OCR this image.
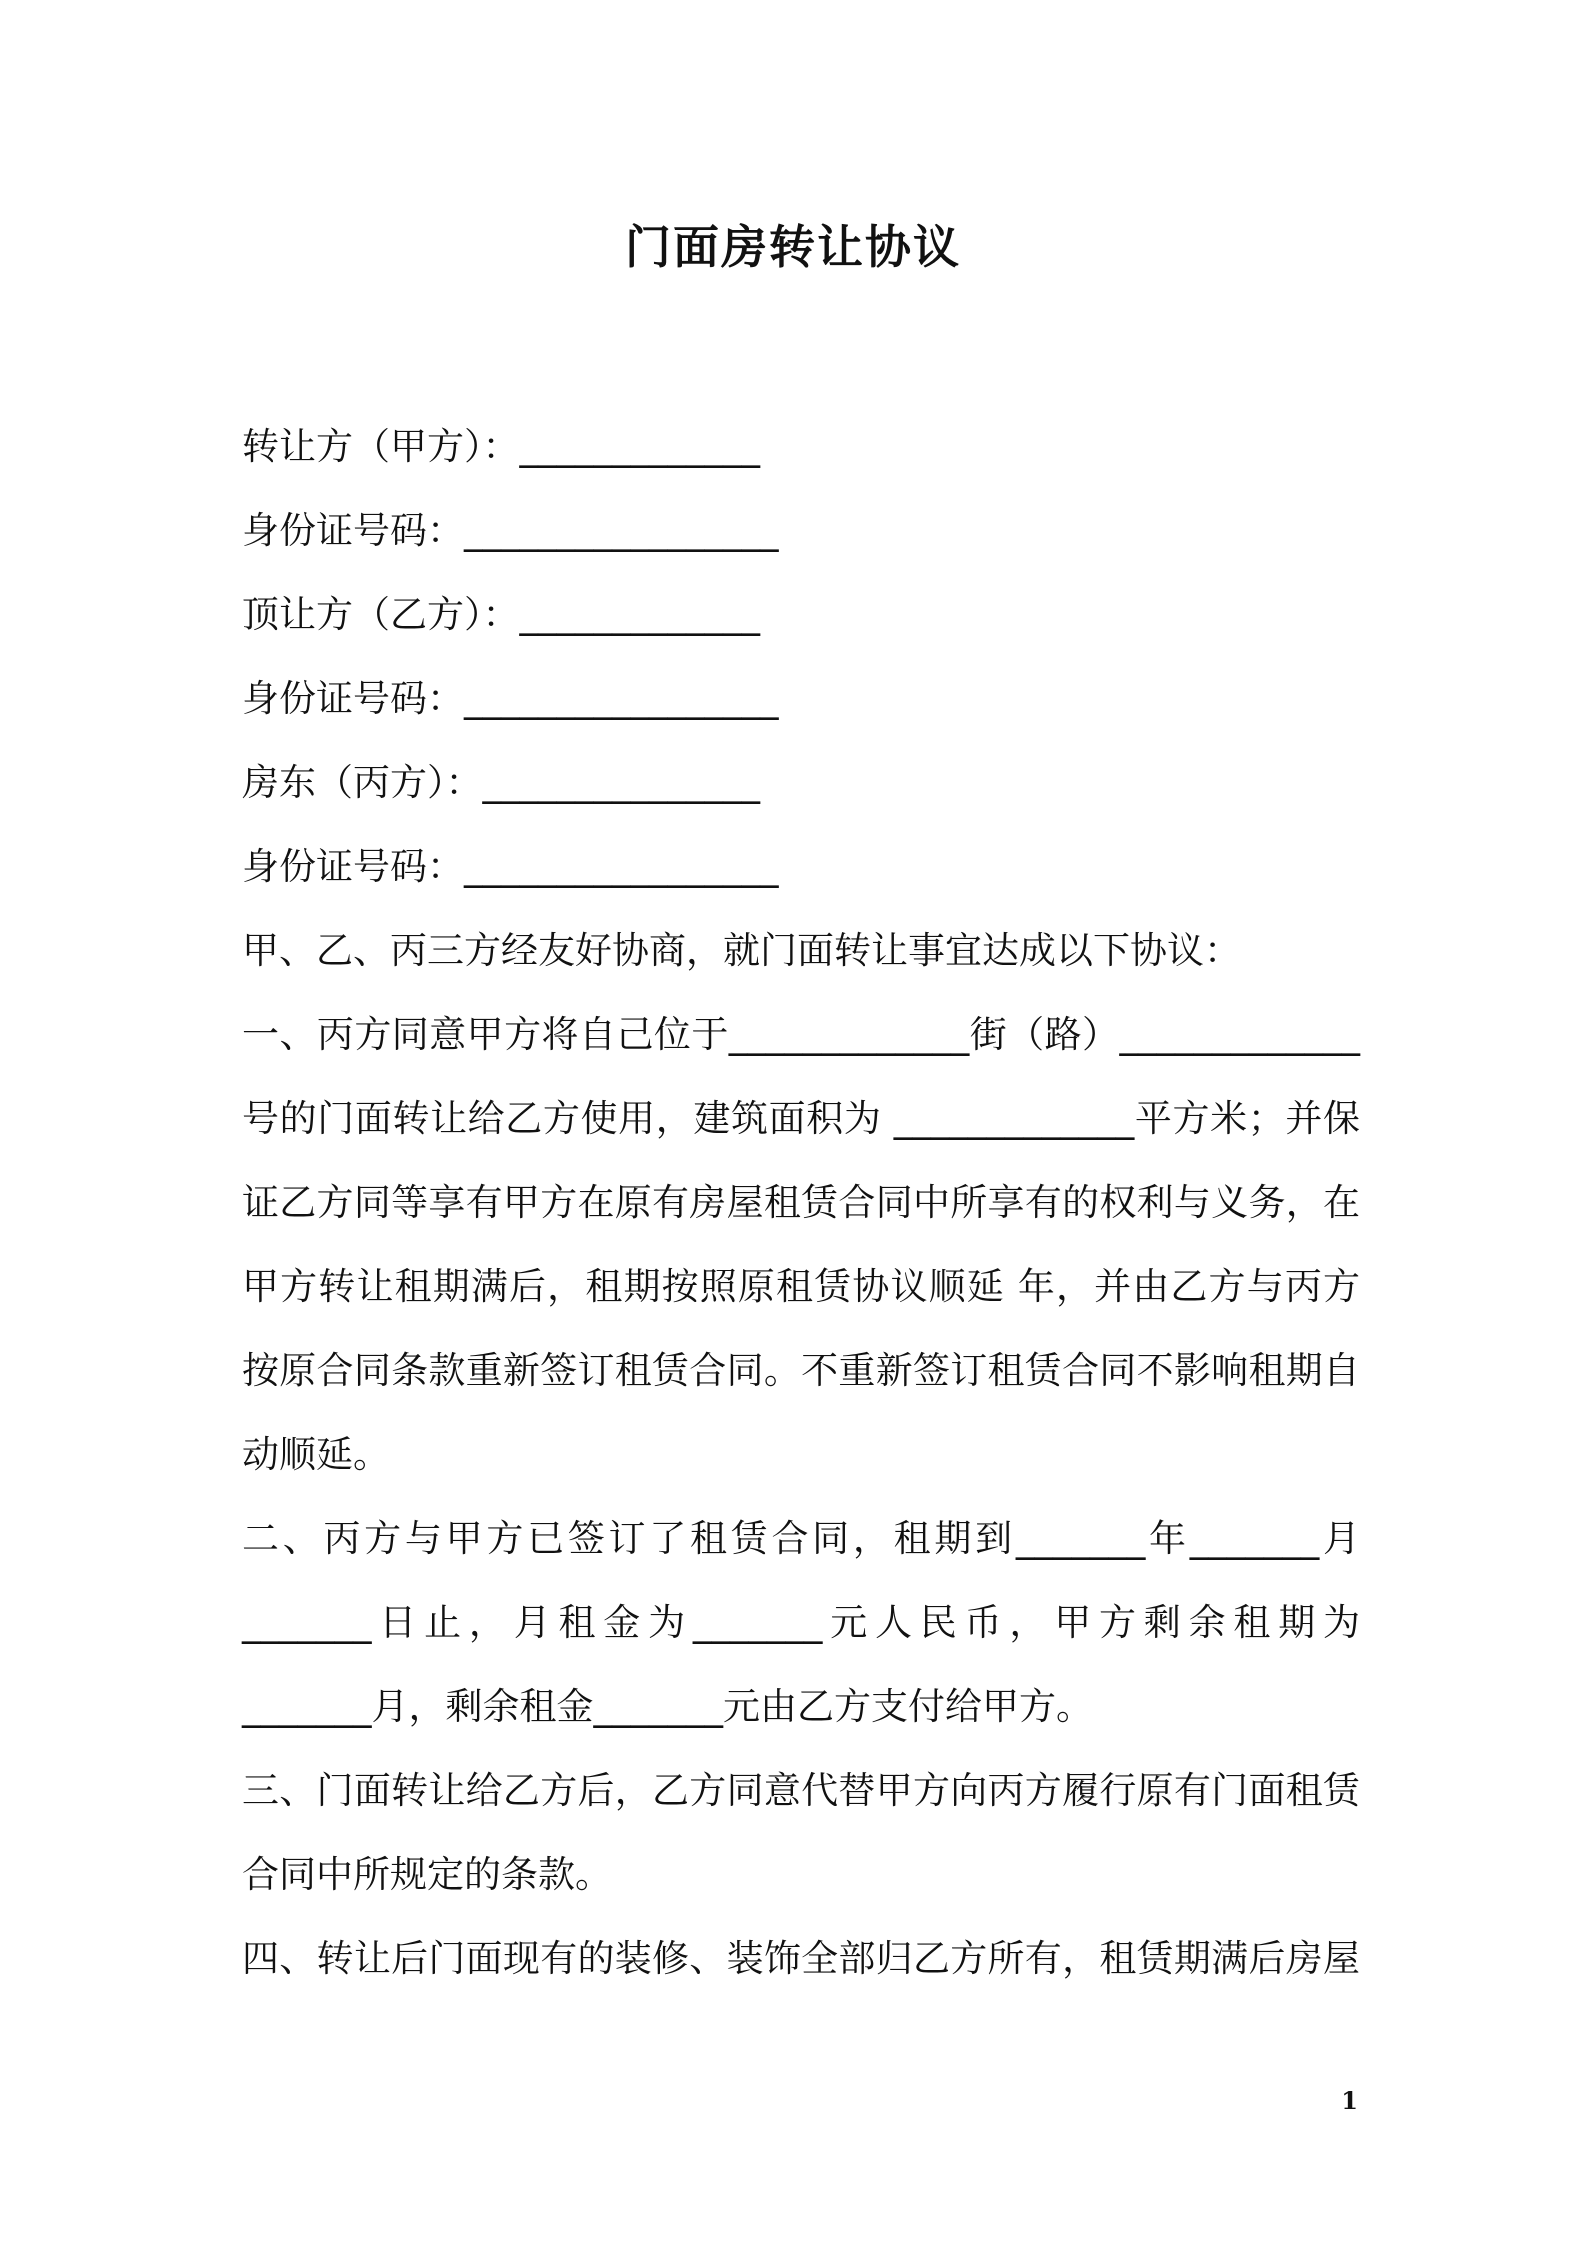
门面房转让协议
转让方（甲方）：_____________
身份证号码：_________________
顶让方（乙方）：_____________
身份证号码：_________________
房东（丙方）：_______________
身份证号码：_________________
甲、乙、丙三方经友好协商，就门面转让事宜达成以下协议：
一、丙方同意甲方将自己位于_____________街（路）_____________
号的门面转让给乙方使用，建筑面积为 _____________平方米；并保
证乙方同等享有甲方在原有房屋租赁合同中所享有的权利与义务，在
甲方转让租期满后，租期按照原租赁协议顺延 年，并由乙方与丙方
按原合同条款重新签订租赁合同。不重新签订租赁合同不影响租期自
动顺延。
二、丙方与甲方已签订了租赁合同，租期到_______年_______月
_______日止，月租金为_______元人民币，甲方剩余租期为
_______月，剩余租金_______元由乙方支付给甲方。
三、门面转让给乙方后，乙方同意代替甲方向丙方履行原有门面租赁
合同中所规定的条款。
四、转让后门面现有的装修、装饰全部归乙方所有，租赁期满后房屋
1
